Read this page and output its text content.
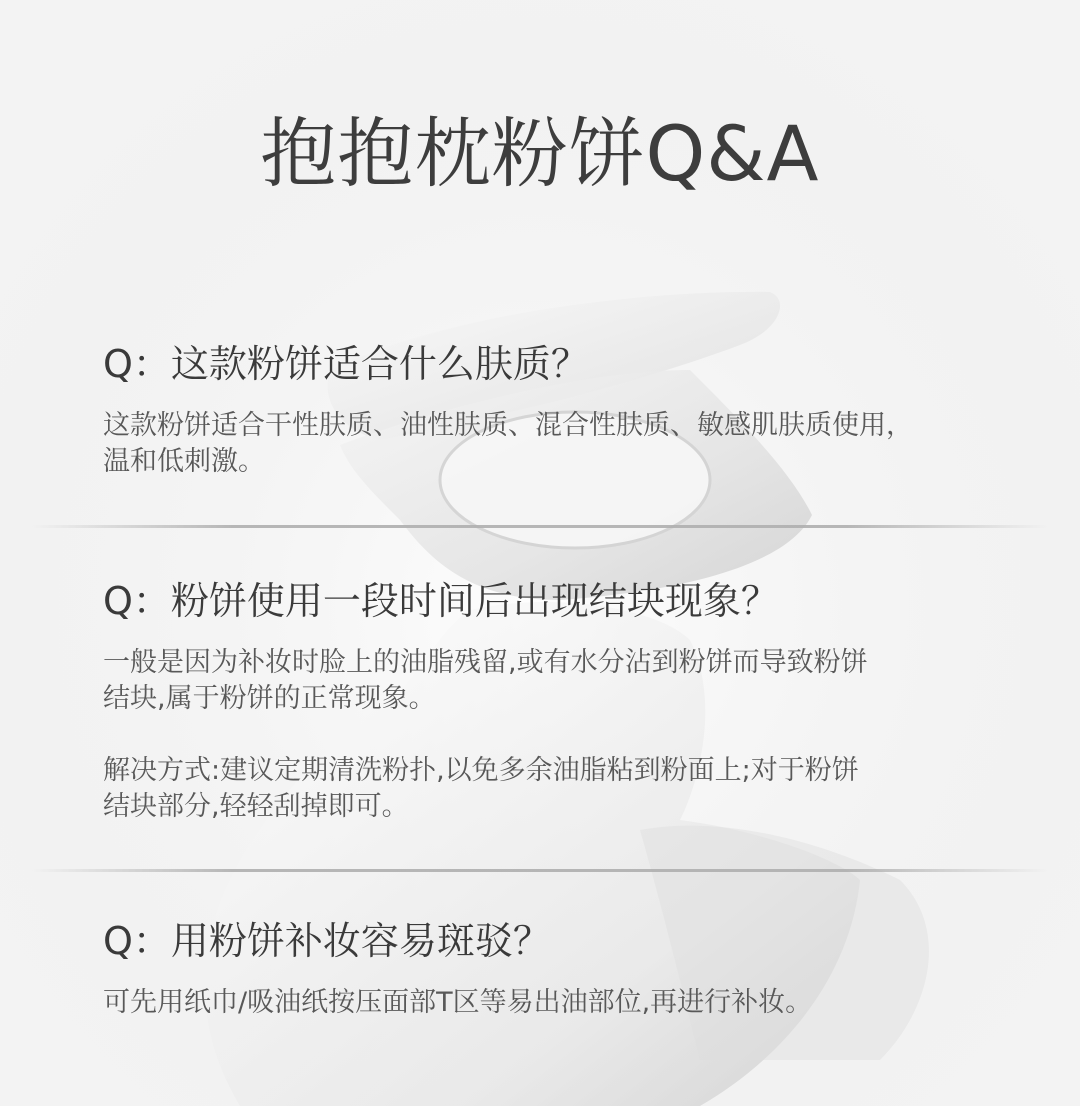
抱抱枕粉饼Q&A

Q：这款粉饼适合什么肤质？

这款粉饼适合干性肤质、油性肤质、混合性肤质、敏感肌肤质使用，
温和低刺激。

Q：粉饼使用一段时间后出现结块现象？

一般是因为补妆时脸上的油脂残留,或有水分沾到粉饼而导致粉饼
结块,属于粉饼的正常现象。

解决方式:建议定期清洗粉扑,以免多余油脂粘到粉面上;对于粉饼
结块部分,轻轻刮掉即可。

Q：用粉饼补妆容易斑驳？

可先用纸巾/吸油纸按压面部T区等易出油部位,再进行补妆。
